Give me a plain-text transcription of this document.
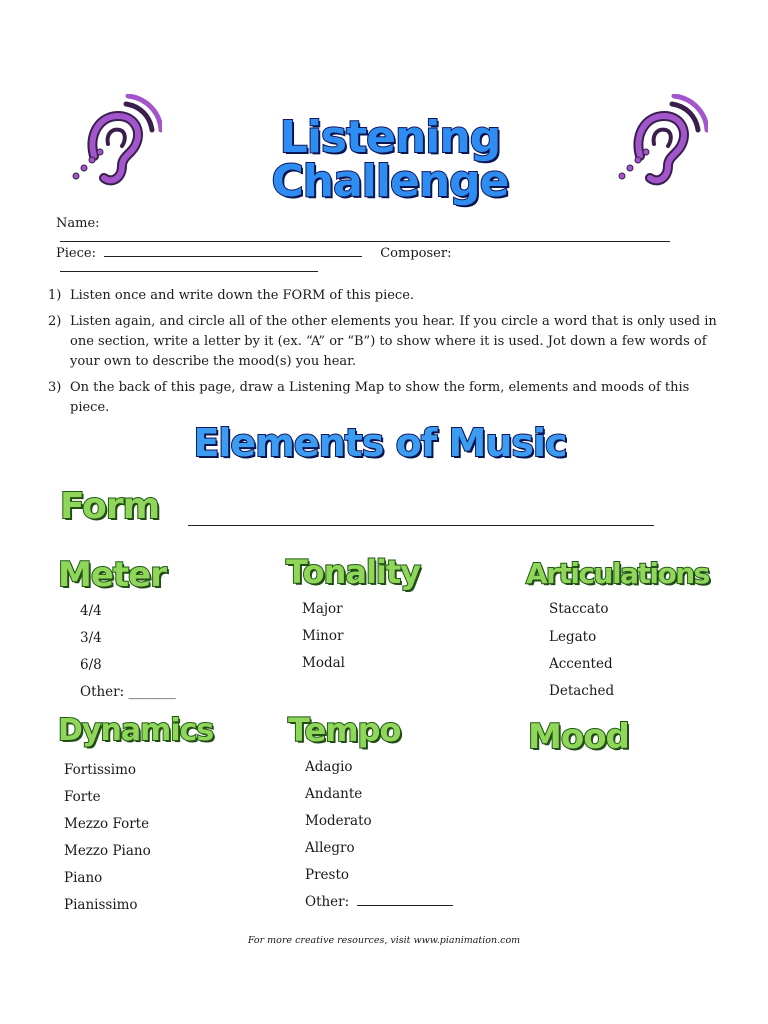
Listening Challenge
Name:
Piece:	Composer:
1) Listen once and write down the FORM of this piece.
2) Listen again, and circle all of the other elements you hear. If you circle a word that is only used in
one section, write a letter by it (ex. “A” or “B”) to show where it is used. Jot down a few words of
your own to describe the mood(s) you hear.
3) On the back of this page, draw a Listening Map to show the form, elements and moods of this piece.
Elements of Music
Form
Meter
4/4
3/4
6/8
Other: _______
Tonality
Major
Minor
Modal
Articulations
Staccato
Legato
Accented
Detached
Dynamics
Fortissimo
Forte
Mezzo Forte
Mezzo Piano
Piano
Pianissimo
Tempo
Adagio
Andante
Moderato
Allegro
Presto
Other:
Mood
For more creative resources, visit www.pianimation.com
